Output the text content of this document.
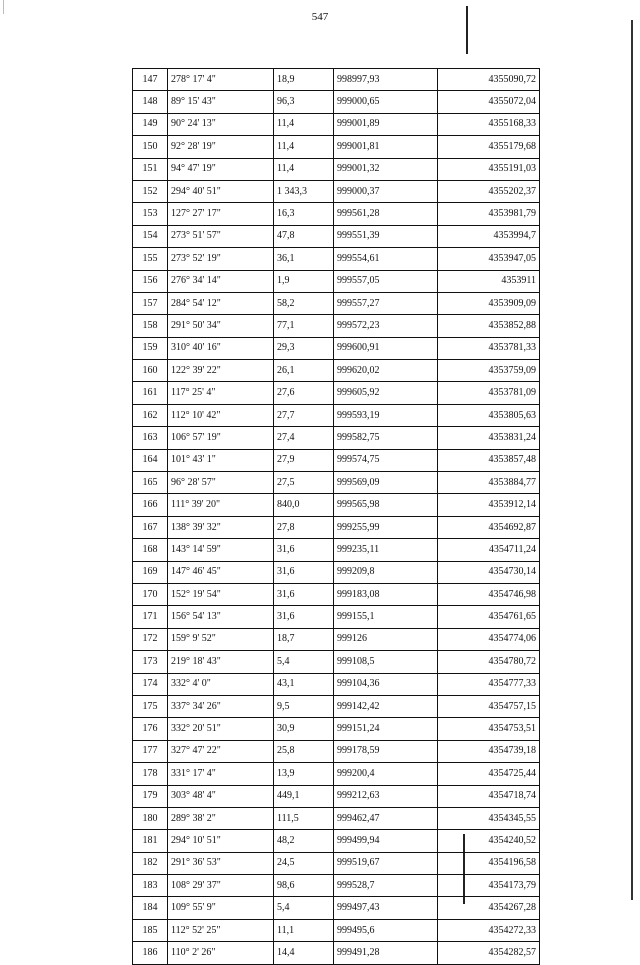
547
147	278° 17' 4"	18,9	998997,93	4355090,72
148	89° 15' 43"	96,3	999000,65	4355072,04
149	90° 24' 13"	11,4	999001,89	4355168,33
150	92° 28' 19"	11,4	999001,81	4355179,68
151	94° 47' 19"	11,4	999001,32	4355191,03
152	294° 40' 51"	1 343,3	999000,37	4355202,37
153	127° 27' 17"	16,3	999561,28	4353981,79
154	273° 51' 57"	47,8	999551,39	4353994,7
155	273° 52' 19"	36,1	999554,61	4353947,05
156	276° 34' 14"	1,9	999557,05	4353911
157	284° 54' 12"	58,2	999557,27	4353909,09
158	291° 50' 34"	77,1	999572,23	4353852,88
159	310° 40' 16"	29,3	999600,91	4353781,33
160	122° 39' 22"	26,1	999620,02	4353759,09
161	117° 25' 4"	27,6	999605,92	4353781,09
162	112° 10' 42"	27,7	999593,19	4353805,63
163	106° 57' 19"	27,4	999582,75	4353831,24
164	101° 43' 1"	27,9	999574,75	4353857,48
165	96° 28' 57"	27,5	999569,09	4353884,77
166	111° 39' 20"	840,0	999565,98	4353912,14
167	138° 39' 32"	27,8	999255,99	4354692,87
168	143° 14' 59"	31,6	999235,11	4354711,24
169	147° 46' 45"	31,6	999209,8	4354730,14
170	152° 19' 54"	31,6	999183,08	4354746,98
171	156° 54' 13"	31,6	999155,1	4354761,65
172	159° 9' 52"	18,7	999126	4354774,06
173	219° 18' 43"	5,4	999108,5	4354780,72
174	332° 4' 0"	43,1	999104,36	4354777,33
175	337° 34' 26"	9,5	999142,42	4354757,15
176	332° 20' 51"	30,9	999151,24	4354753,51
177	327° 47' 22"	25,8	999178,59	4354739,18
178	331° 17' 4"	13,9	999200,4	4354725,44
179	303° 48' 4"	449,1	999212,63	4354718,74
180	289° 38' 2"	111,5	999462,47	4354345,55
181	294° 10' 51"	48,2	999499,94	4354240,52
182	291° 36' 53"	24,5	999519,67	4354196,58
183	108° 29' 37"	98,6	999528,7	4354173,79
184	109° 55' 9"	5,4	999497,43	4354267,28
185	112° 52' 25"	11,1	999495,6	4354272,33
186	110° 2' 26"	14,4	999491,28	4354282,57
